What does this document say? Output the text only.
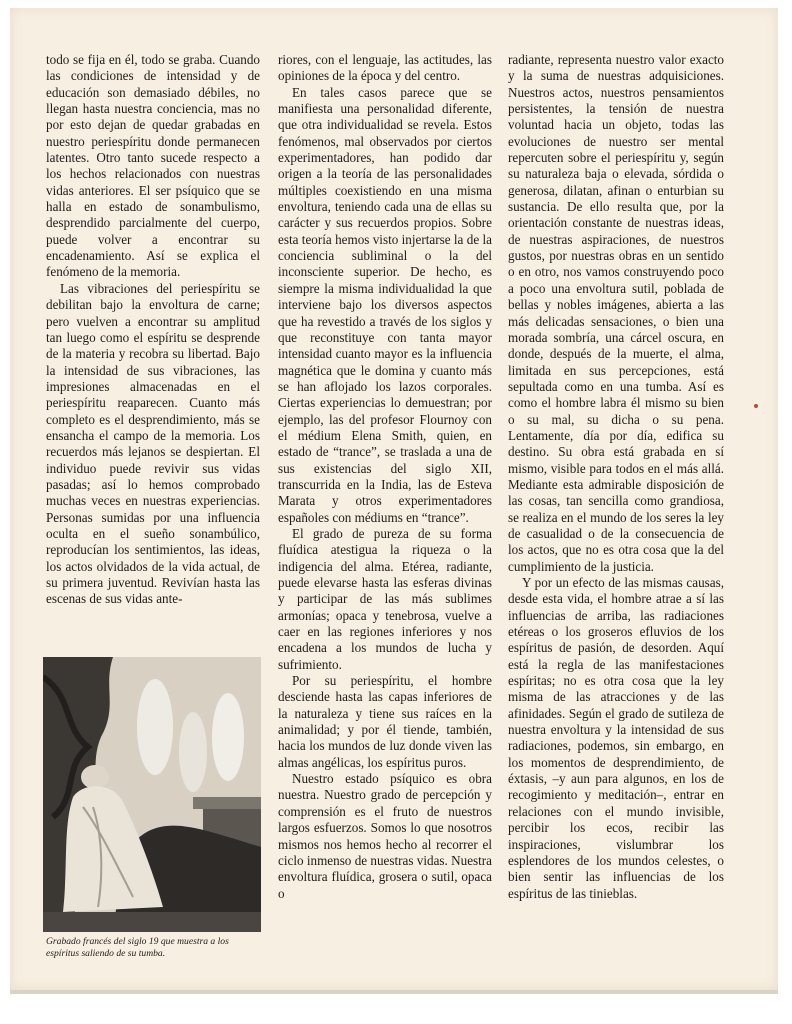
todo se fija en él, todo se graba. Cuando las condiciones de intensidad y de educación son demasiado débiles, no llegan hasta nuestra conciencia, mas no por esto dejan de quedar grabadas en nuestro periespíritu donde permanecen latentes. Otro tanto sucede respecto a los hechos relacionados con nuestras vidas anteriores. El ser psíquico que se halla en estado de sonambulismo, desprendido parcialmente del cuerpo, puede volver a encontrar su encadenamiento. Así se explica el fenómeno de la memoria.

Las vibraciones del periespíritu se debilitan bajo la envoltura de carne; pero vuelven a encontrar su amplitud tan luego como el espíritu se desprende de la materia y recobra su libertad. Bajo la intensidad de sus vibraciones, las impresiones almacenadas en el periespíritu reaparecen. Cuanto más completo es el desprendimiento, más se ensancha el campo de la memoria. Los recuerdos más lejanos se despiertan. El individuo puede revivir sus vidas pasadas; así lo hemos comprobado muchas veces en nuestras experiencias. Personas sumidas por una influencia oculta en el sueño sonambúlico, reproducían los sentimientos, las ideas, los actos olvidados de la vida actual, de su primera juventud. Revivían hasta las escenas de sus vidas ante-

riores, con el lenguaje, las actitudes, las opiniones de la época y del centro.

En tales casos parece que se manifiesta una personalidad diferente, que otra individualidad se revela. Estos fenómenos, mal observados por ciertos experimentadores, han podido dar origen a la teoría de las personalidades múltiples coexistiendo en una misma envoltura, teniendo cada una de ellas su carácter y sus recuerdos propios. Sobre esta teoría hemos visto injertarse la de la conciencia subliminal o la del inconsciente superior. De hecho, es siempre la misma individualidad la que interviene bajo los diversos aspectos que ha revestido a través de los siglos y que reconstituye con tanta mayor intensidad cuanto mayor es la influencia magnética que le domina y cuanto más se han aflojado los lazos corporales. Ciertas experiencias lo demuestran; por ejemplo, las del profesor Flournoy con el médium Elena Smith, quien, en estado de “trance”, se traslada a una de sus existencias del siglo XII, transcurrida en la India, las de Esteva Marata y otros experimentadores españoles con médiums en “trance”.

El grado de pureza de su forma fluídica atestigua la riqueza o la indigencia del alma. Etérea, radiante, puede elevarse hasta las esferas divinas y participar de las más sublimes armonías; opaca y tenebrosa, vuelve a caer en las regiones inferiores y nos encadena a los mundos de lucha y sufrimiento.

Por su periespíritu, el hombre desciende hasta las capas inferiores de la naturaleza y tiene sus raíces en la animalidad; y por él tiende, también, hacia los mundos de luz donde viven las almas angélicas, los espíritus puros.

Nuestro estado psíquico es obra nuestra. Nuestro grado de percepción y comprensión es el fruto de nuestros largos esfuerzos. Somos lo que nosotros mismos nos hemos hecho al recorrer el ciclo inmenso de nuestras vidas. Nuestra envoltura fluídica, grosera o sutil, opaca o

radiante, representa nuestro valor exacto y la suma de nuestras adquisiciones. Nuestros actos, nuestros pensamientos persistentes, la tensión de nuestra voluntad hacia un objeto, todas las evoluciones de nuestro ser mental repercuten sobre el periespíritu y, según su naturaleza baja o elevada, sórdida o generosa, dilatan, afinan o enturbian su sustancia. De ello resulta que, por la orientación constante de nuestras ideas, de nuestras aspiraciones, de nuestros gustos, por nuestras obras en un sentido o en otro, nos vamos construyendo poco a poco una envoltura sutil, poblada de bellas y nobles imágenes, abierta a las más delicadas sensaciones, o bien una morada sombría, una cárcel oscura, en donde, después de la muerte, el alma, limitada en sus percepciones, está sepultada como en una tumba. Así es como el hombre labra él mismo su bien o su mal, su dicha o su pena. Lentamente, día por día, edifica su destino. Su obra está grabada en sí mismo, visible para todos en el más allá. Mediante esta admirable disposición de las cosas, tan sencilla como grandiosa, se realiza en el mundo de los seres la ley de casualidad o de la consecuencia de los actos, que no es otra cosa que la del cumplimiento de la justicia.

Y por un efecto de las mismas causas, desde esta vida, el hombre atrae a sí las influencias de arriba, las radiaciones etéreas o los groseros efluvios de los espíritus de pasión, de desorden. Aquí está la regla de las manifestaciones espíritas; no es otra cosa que la ley misma de las atracciones y de las afinidades. Según el grado de sutileza de nuestra envoltura y la intensidad de sus radiaciones, podemos, sin embargo, en los momentos de desprendimiento, de éxtasis, –y aun para algunos, en los de recogimiento y meditación–, entrar en relaciones con el mundo invisible, percibir los ecos, recibir las inspiraciones, vislumbrar los esplendores de los mundos celestes, o bien sentir las influencias de los espíritus de las tinieblas.

Grabado francés del siglo 19 que muestra a los espíritus saliendo de su tumba.
